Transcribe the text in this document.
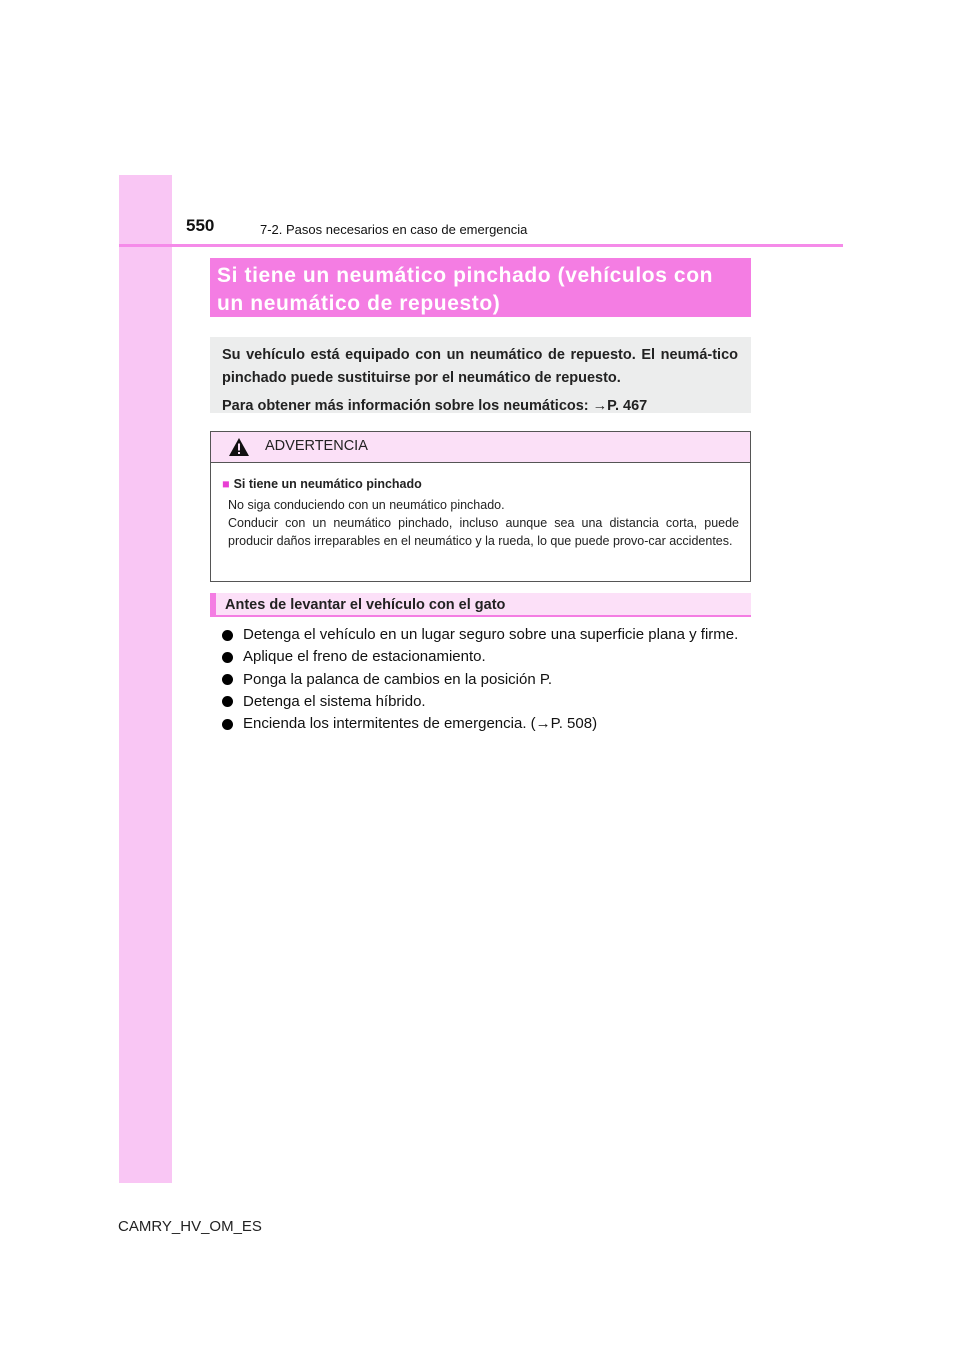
550	7-2. Pasos necesarios en caso de emergencia
Si tiene un neumático pinchado (vehículos con un neumático de repuesto)

Su vehículo está equipado con un neumático de repuesto. El neumá-tico pinchado puede sustituirse por el neumático de repuesto.

Para obtener más información sobre los neumáticos: →P. 467

ADVERTENCIA
■ Si tiene un neumático pinchado

No siga conduciendo con un neumático pinchado.

Conducir con un neumático pinchado, incluso aunque sea una distancia corta, puede producir daños irreparables en el neumático y la rueda, lo que puede provo-car accidentes.

Antes de levantar el vehículo con el gato
Detenga el vehículo en un lugar seguro sobre una superficie plana y firme.
Aplique el freno de estacionamiento.
Ponga la palanca de cambios en la posición P.
Detenga el sistema híbrido.
Encienda los intermitentes de emergencia. (→P. 508)
CAMRY_HV_OM_ES
